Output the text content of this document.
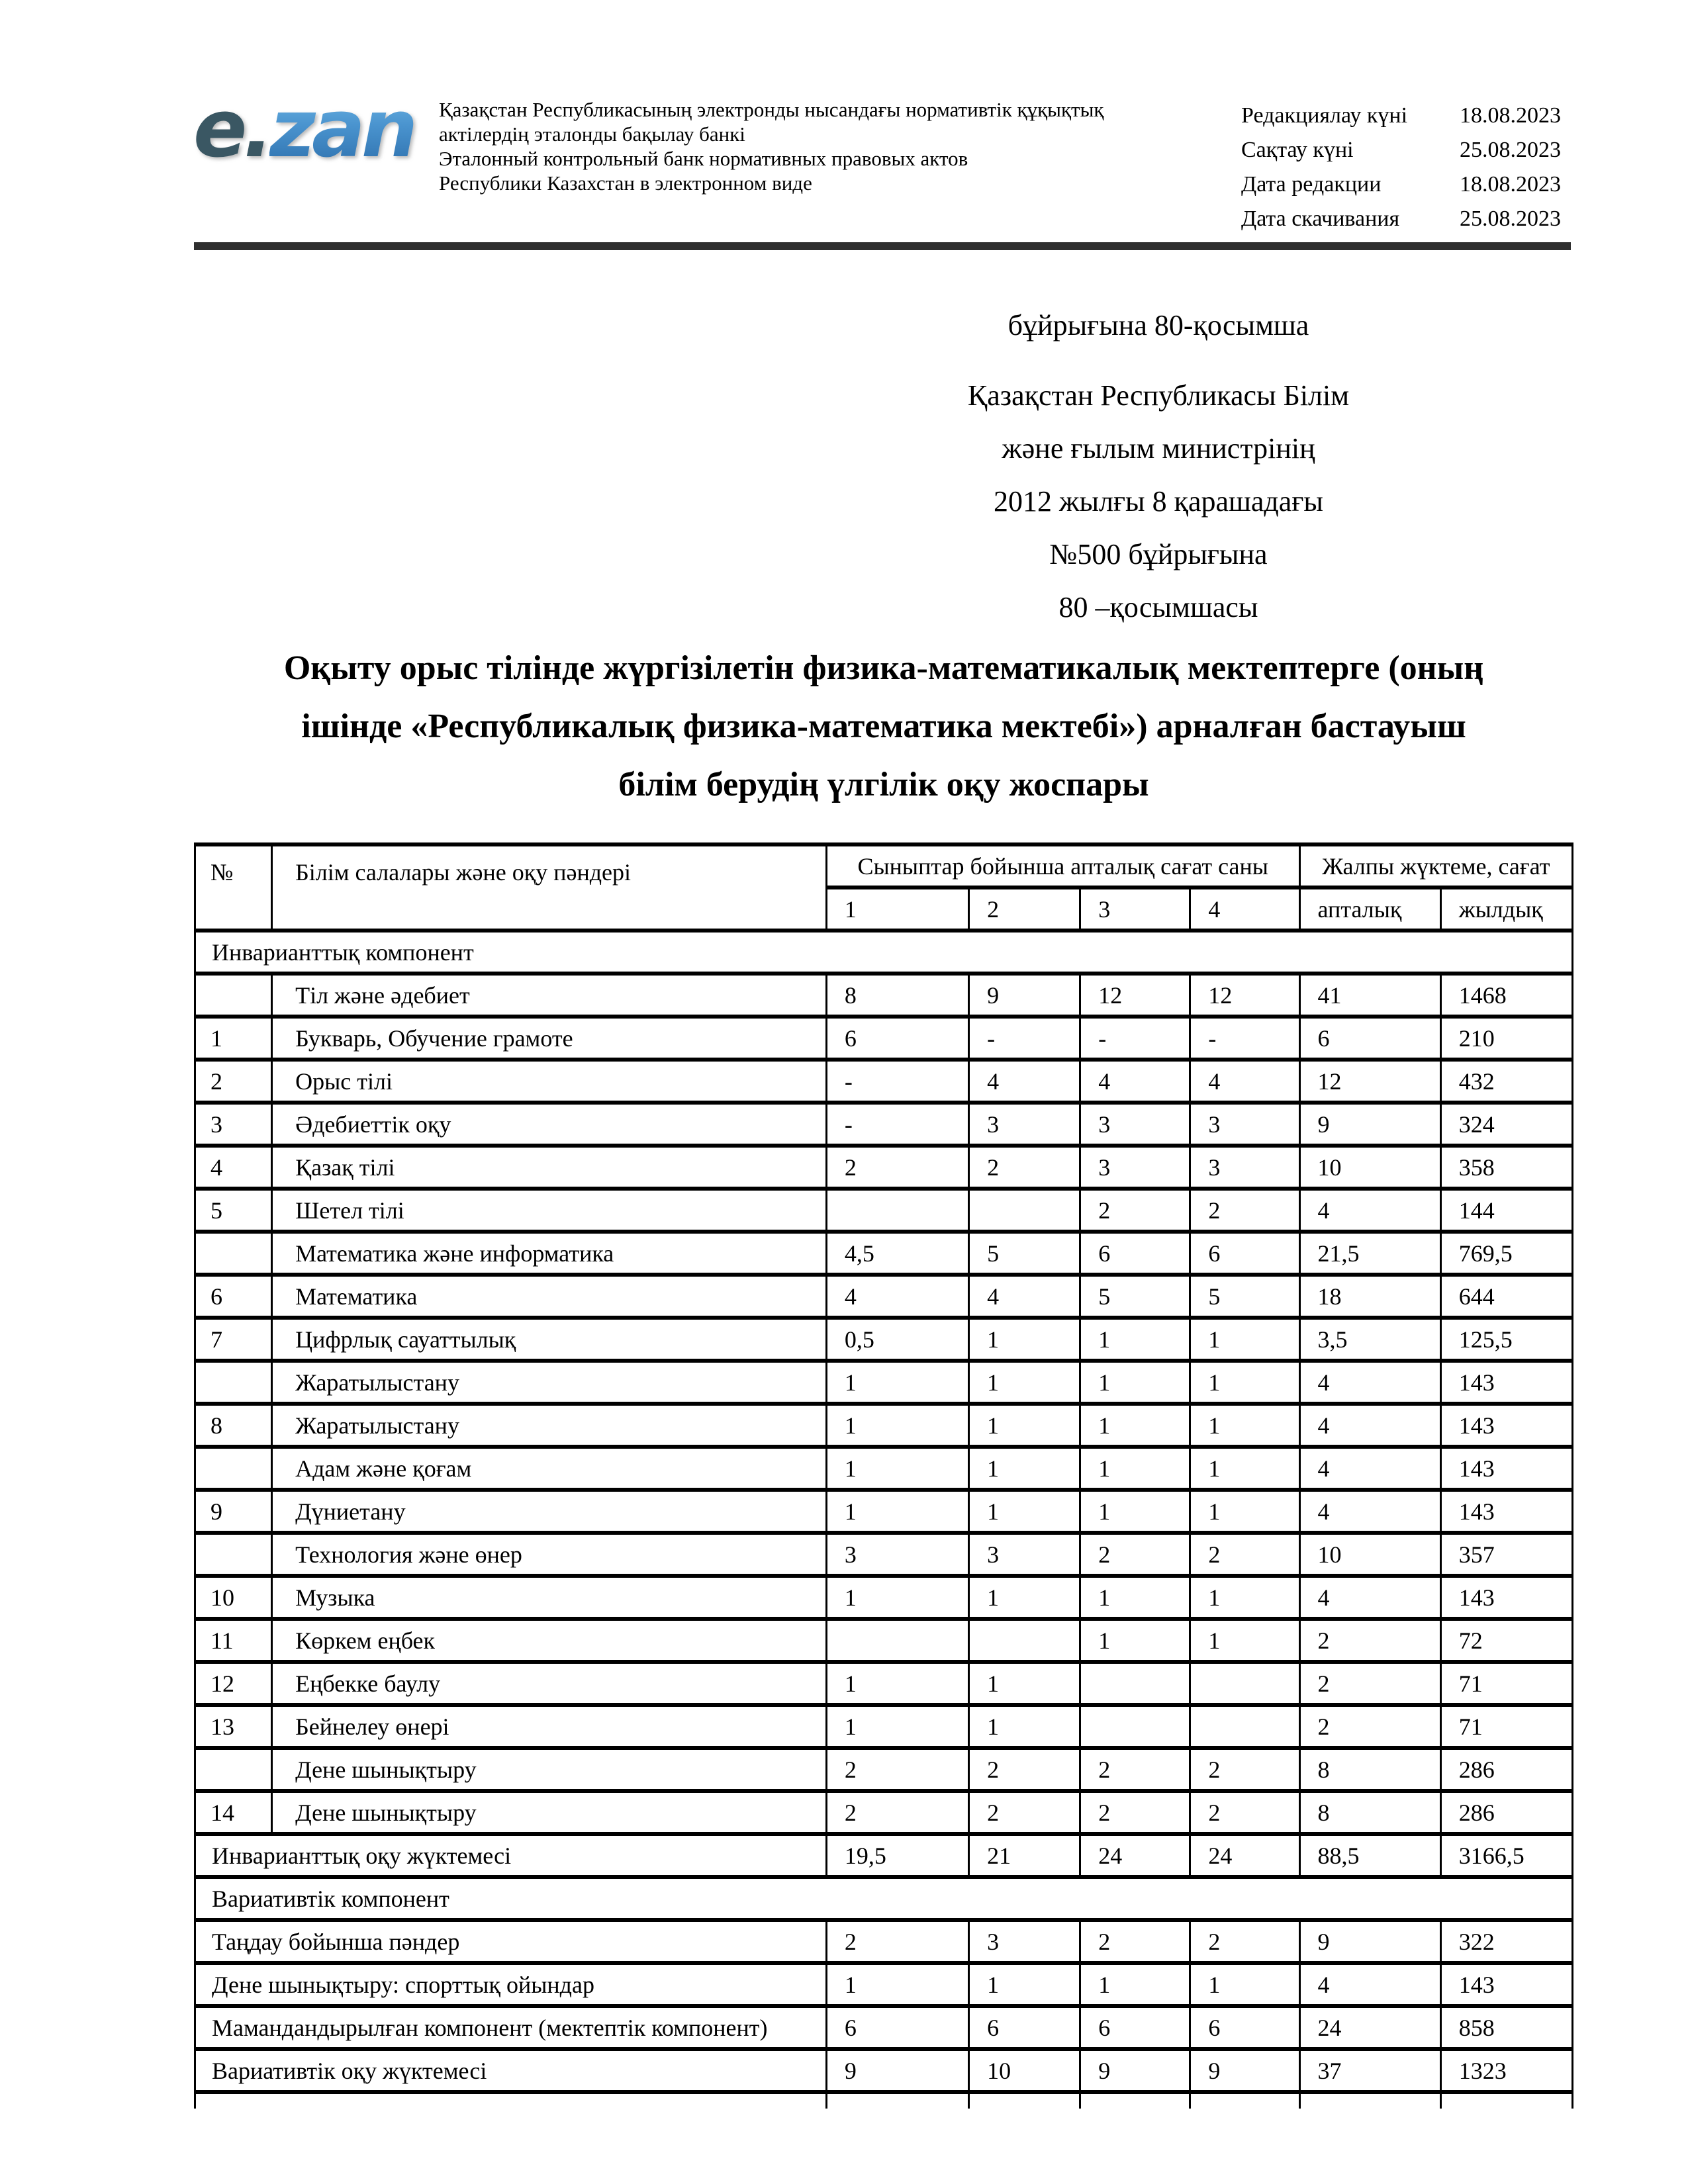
e.zan Қазақстан Республикасының электронды нысандағы нормативтік құқықтық
актілердің эталонды бақылау банкі
Эталонный контрольный банк нормативных правовых актов
Республики Казахстан в электронном виде
Редакциялау күні	18.08.2023
Сақтау күні	25.08.2023
Дата редакции	18.08.2023
Дата скачивания	25.08.2023
бұйрығына 80-қосымша
Қазақстан Республикасы Білім
және ғылым министрінің
2012 жылғы 8 қарашадағы
№500 бұйрығына
80 –қосымшасы
Оқыту орыс тілінде жүргізілетін физика-математикалық мектептерге (оның
ішінде «Республикалық физика-математика мектебі») арналған бастауыш
білім берудің үлгілік оқу жоспары
№	Білім салалары және оқу пәндері	Сыныптар бойынша апталық сағат саны				Жалпы жүктеме, сағат	
		1	2	3	4	апталық	жылдық
Инварианттық компонент							
	Тіл және әдебиет	8	9	12	12	41	1468
1	Букварь, Обучение грамоте	6	-	-	-	6	210
2	Орыс тілі	-	4	4	4	12	432
3	Әдебиеттік оқу	-	3	3	3	9	324
4	Қазақ тілі	2	2	3	3	10	358
5	Шетел тілі			2	2	4	144
	Математика және информатика	4,5	5	6	6	21,5	769,5
6	Математика	4	4	5	5	18	644
7	Цифрлық сауаттылық	0,5	1	1	1	3,5	125,5
	Жаратылыстану	1	1	1	1	4	143
8	Жаратылыстану	1	1	1	1	4	143
	Адам және қоғам	1	1	1	1	4	143
9	Дүниетану	1	1	1	1	4	143
	Технология және өнер	3	3	2	2	10	357
10	Музыка	1	1	1	1	4	143
11	Көркем еңбек			1	1	2	72
12	Еңбекке баулу	1	1			2	71
13	Бейнелеу өнері	1	1			2	71
	Дене шынықтыру	2	2	2	2	8	286
14	Дене шынықтыру	2	2	2	2	8	286
Инварианттық оқу жүктемесі		19,5	21	24	24	88,5	3166,5
Вариативтік компонент							
Таңдау бойынша пәндер		2	3	2	2	9	322
Дене шынықтыру: спорттық ойындар		1	1	1	1	4	143
Мамандандырылған компонент (мектептік компонент)		6	6	6	6	24	858
Вариативтік оқу жүктемесі		9	10	9	9	37	1323
